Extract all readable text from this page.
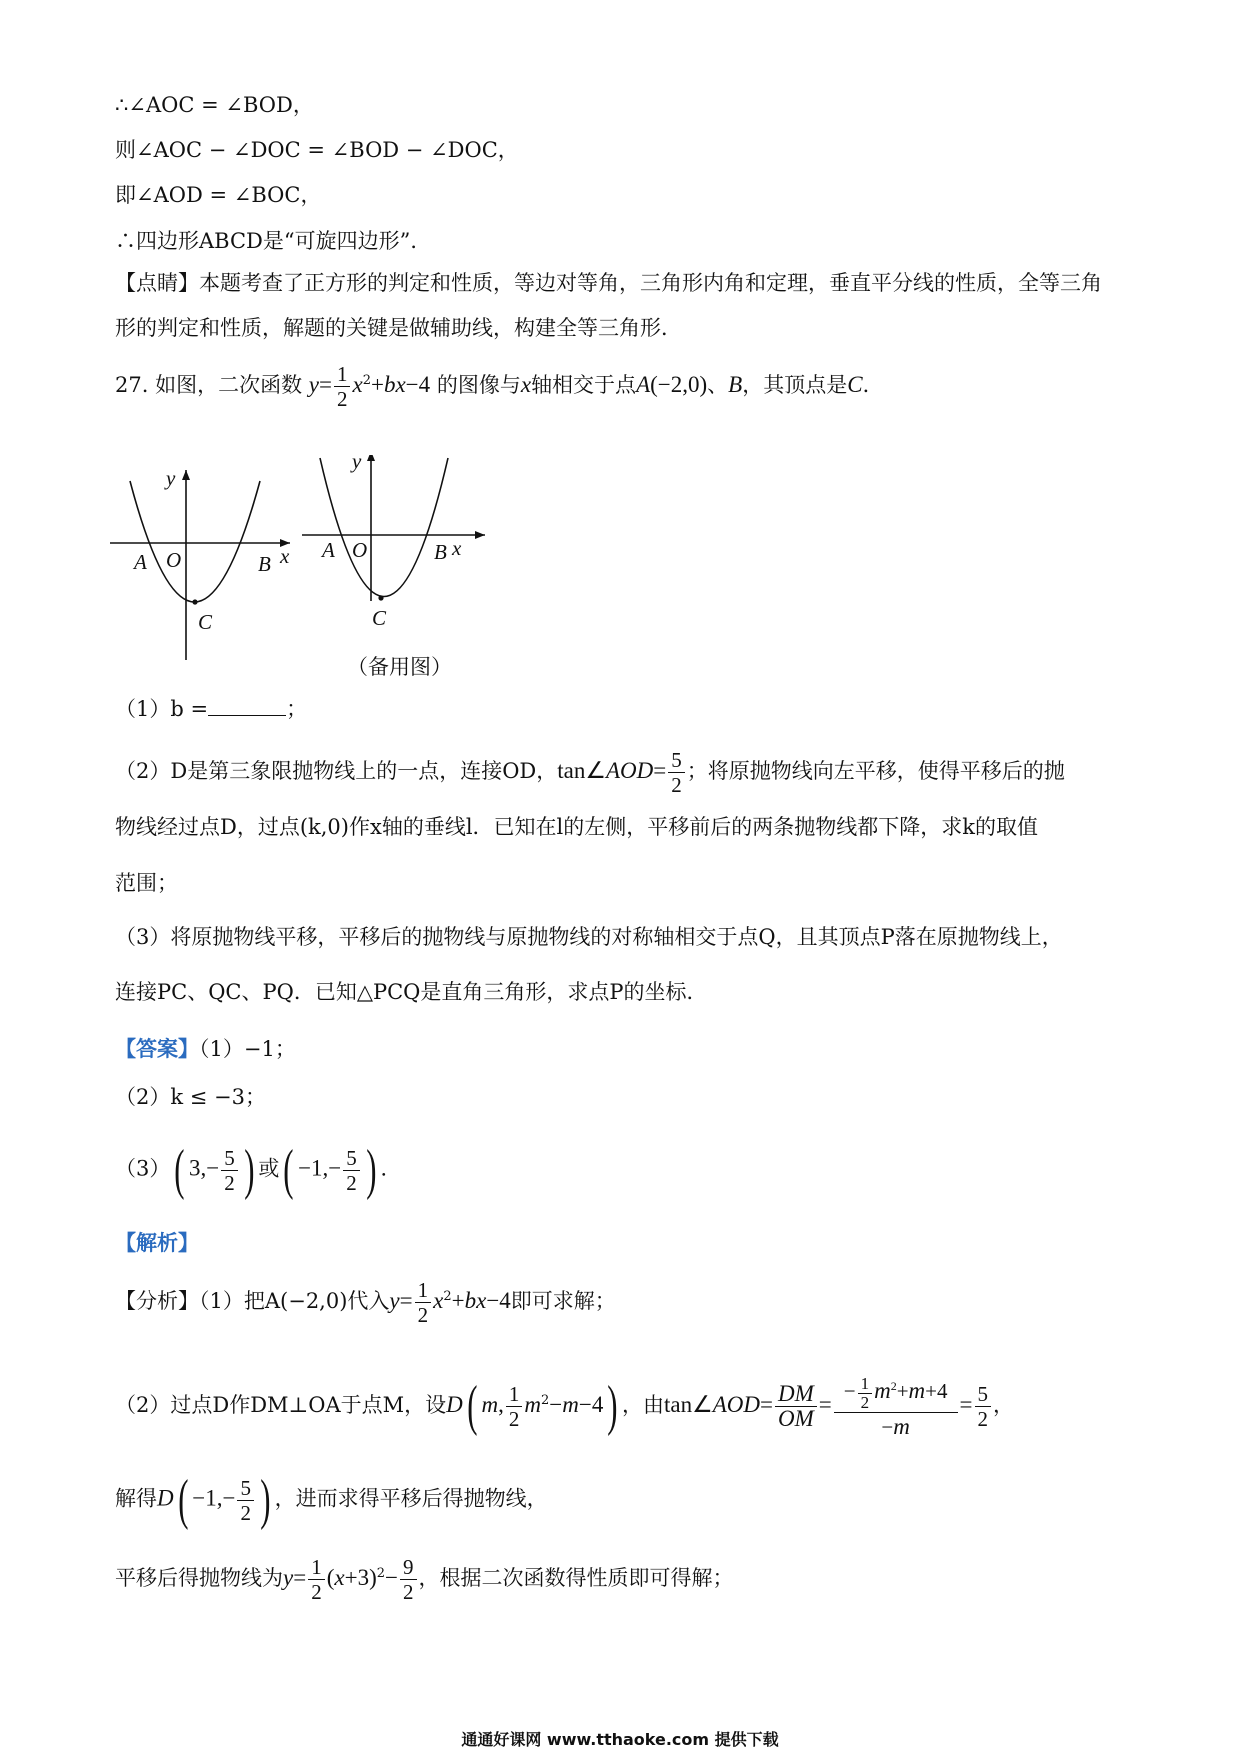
∴∠AOC = ∠BOD，
则∠AOC − ∠DOC = ∠BOD − ∠DOC，
即∠AOD = ∠BOC，
∴四边形ABCD是“可旋四边形”．
【点睛】本题考查了正方形的判定和性质，等边对等角，三角形内角和定理，垂直平分线的性质，全等三角
形的判定和性质，解题的关键是做辅助线，构建全等三角形．
27. 如图，二次函数 $y= \frac{1}{2} x^2+bx-4$ 的图像与x轴相交于点A(−2,0)、B，其顶点是C．
y
x
A O	B
C
y
x
A O	B
C
（备用图）
（1）b =	；
（2）D是第三象限抛物线上的一点，连接OD，tan∠AOD= $\frac{5}{2}$ ；将原抛物线向左平移，使得平移后的抛
物线经过点D，过点(k,0)作x轴的垂线l．已知在l的左侧，平移前后的两条抛物线都下降，求k的取值
范围；
（3）将原抛物线平移，平移后的抛物线与原抛物线的对称轴相交于点Q，且其顶点P落在原抛物线上，
连接PC、QC、PQ．已知△PCQ是直角三角形，求点P的坐标．
【答案】（1）−1；
（2）k ≤ −3；
（3）( $3,- \frac{5}{2}$ ) 或( $-1,- \frac{5}{2}$ ) ．
【解析】
【分析】（1）把A(−2,0)代入$y= \frac{1}{2} x^2+bx-4$即可求解；
（2）过点D作DM⊥OA于点M，设D( m, $\frac{1}{2} m^2-m-4$) ，由tan∠AOD= $\frac{DM}{OM} = \frac{- \frac{1}{2} m^2+m+4}{-m} = \frac{5}{2}$ ，
解得$D( -1,- \frac{5}{2}$ ) ，进而求得平移后得抛物线，
平移后得抛物线为$y= \frac{1}{2} (x+3)^2- \frac{9}{2}$ ，根据二次函数得性质即可得解；
通通好课网 www.tthaoke.com 提供下载
